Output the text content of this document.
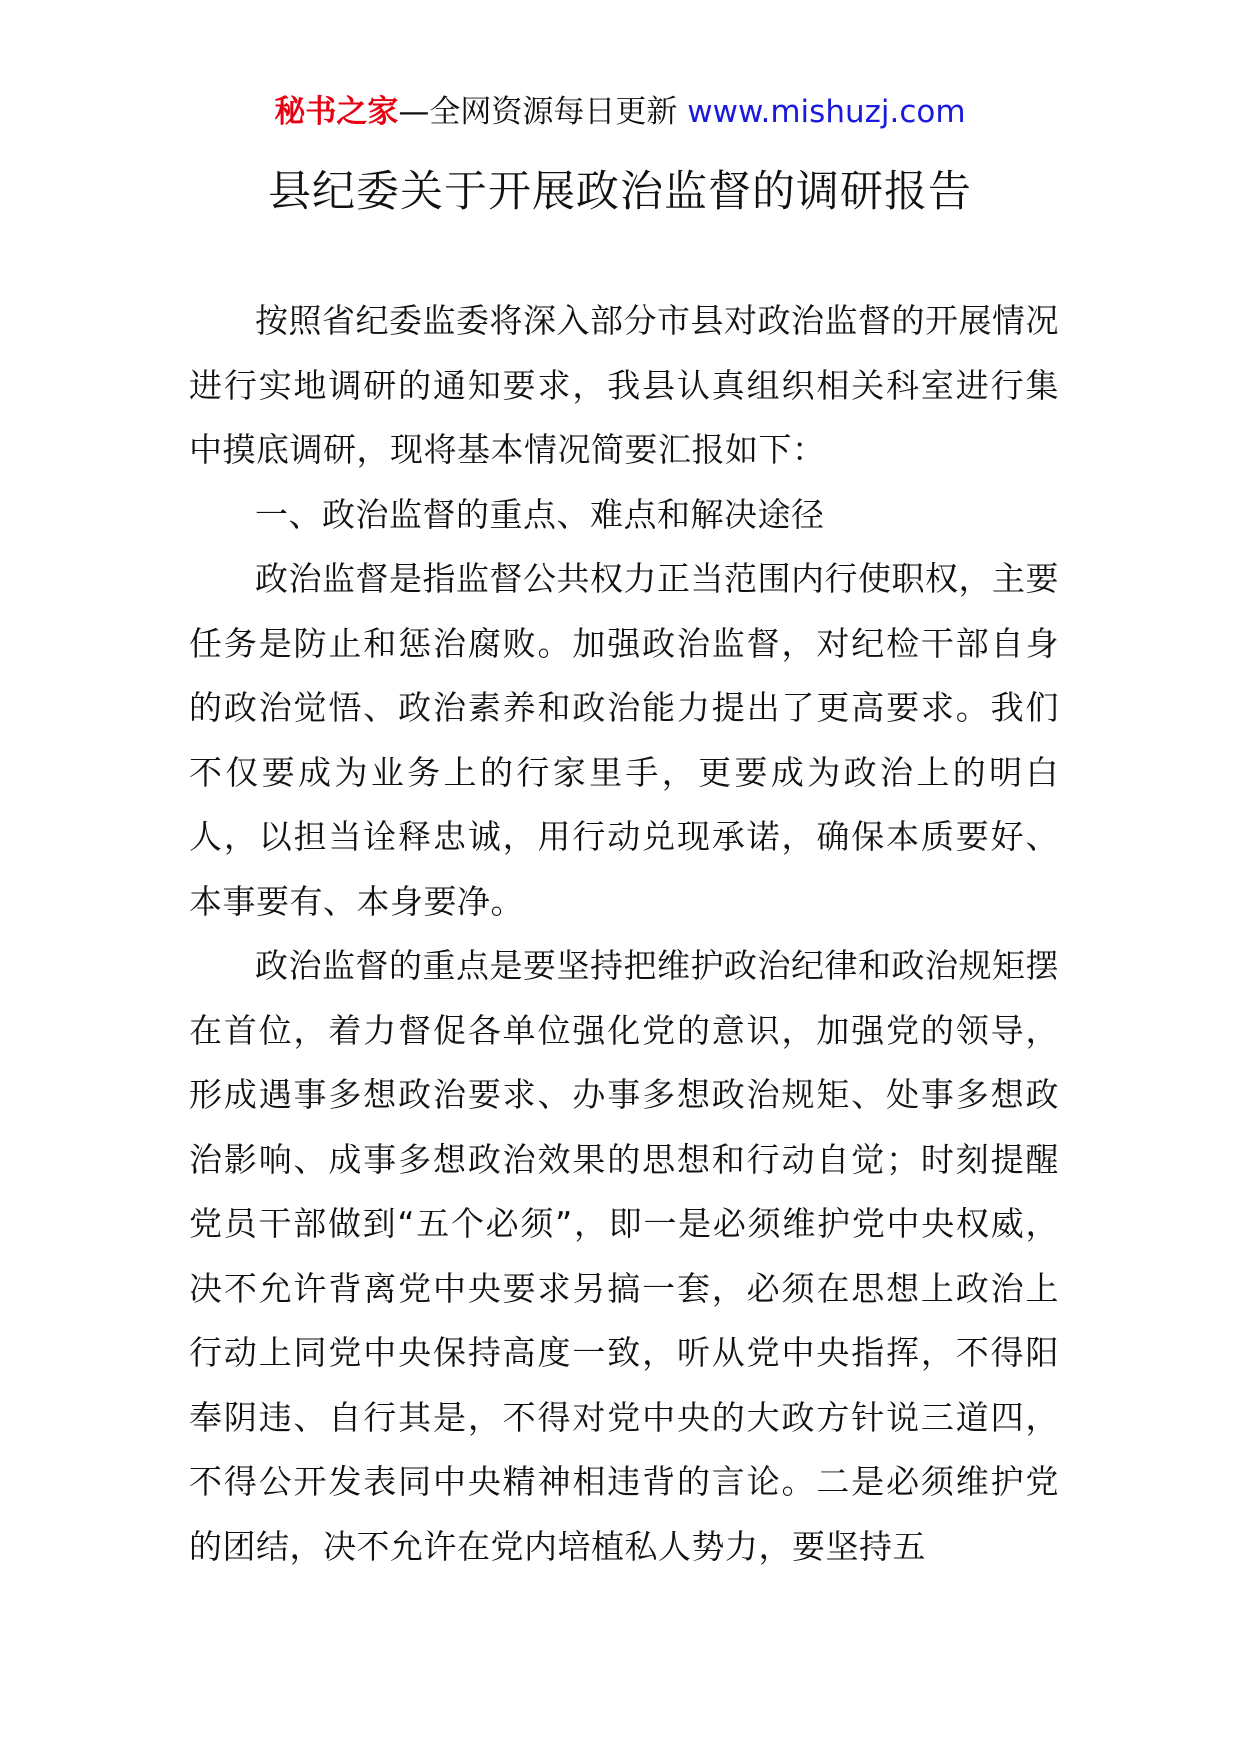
秘书之家—全网资源每日更新 www.mishuzj.com
县纪委关于开展政治监督的调研报告

按照省纪委监委将深入部分市县对政治监督的开展情况进行实地调研的通知要求，我县认真组织相关科室进行集中摸底调研，现将基本情况简要汇报如下：

一、政治监督的重点、难点和解决途径

政治监督是指监督公共权力正当范围内行使职权，主要任务是防止和惩治腐败。加强政治监督，对纪检干部自身的政治觉悟、政治素养和政治能力提出了更高要求。我们不仅要成为业务上的行家里手，更要成为政治上的明白人，以担当诠释忠诚，用行动兑现承诺，确保本质要好、本事要有、本身要净。

政治监督的重点是要坚持把维护政治纪律和政治规矩摆在首位，着力督促各单位强化党的意识，加强党的领导，形成遇事多想政治要求、办事多想政治规矩、处事多想政治影响、成事多想政治效果的思想和行动自觉；时刻提醒党员干部做到“五个必须”，即一是必须维护党中央权威，决不允许背离党中央要求另搞一套，必须在思想上政治上行动上同党中央保持高度一致，听从党中央指挥，不得阳奉阴违、自行其是，不得对党中央的大政方针说三道四，不得公开发表同中央精神相违背的言论。二是必须维护党的团结，决不允许在党内培植私人势力，要坚持五
